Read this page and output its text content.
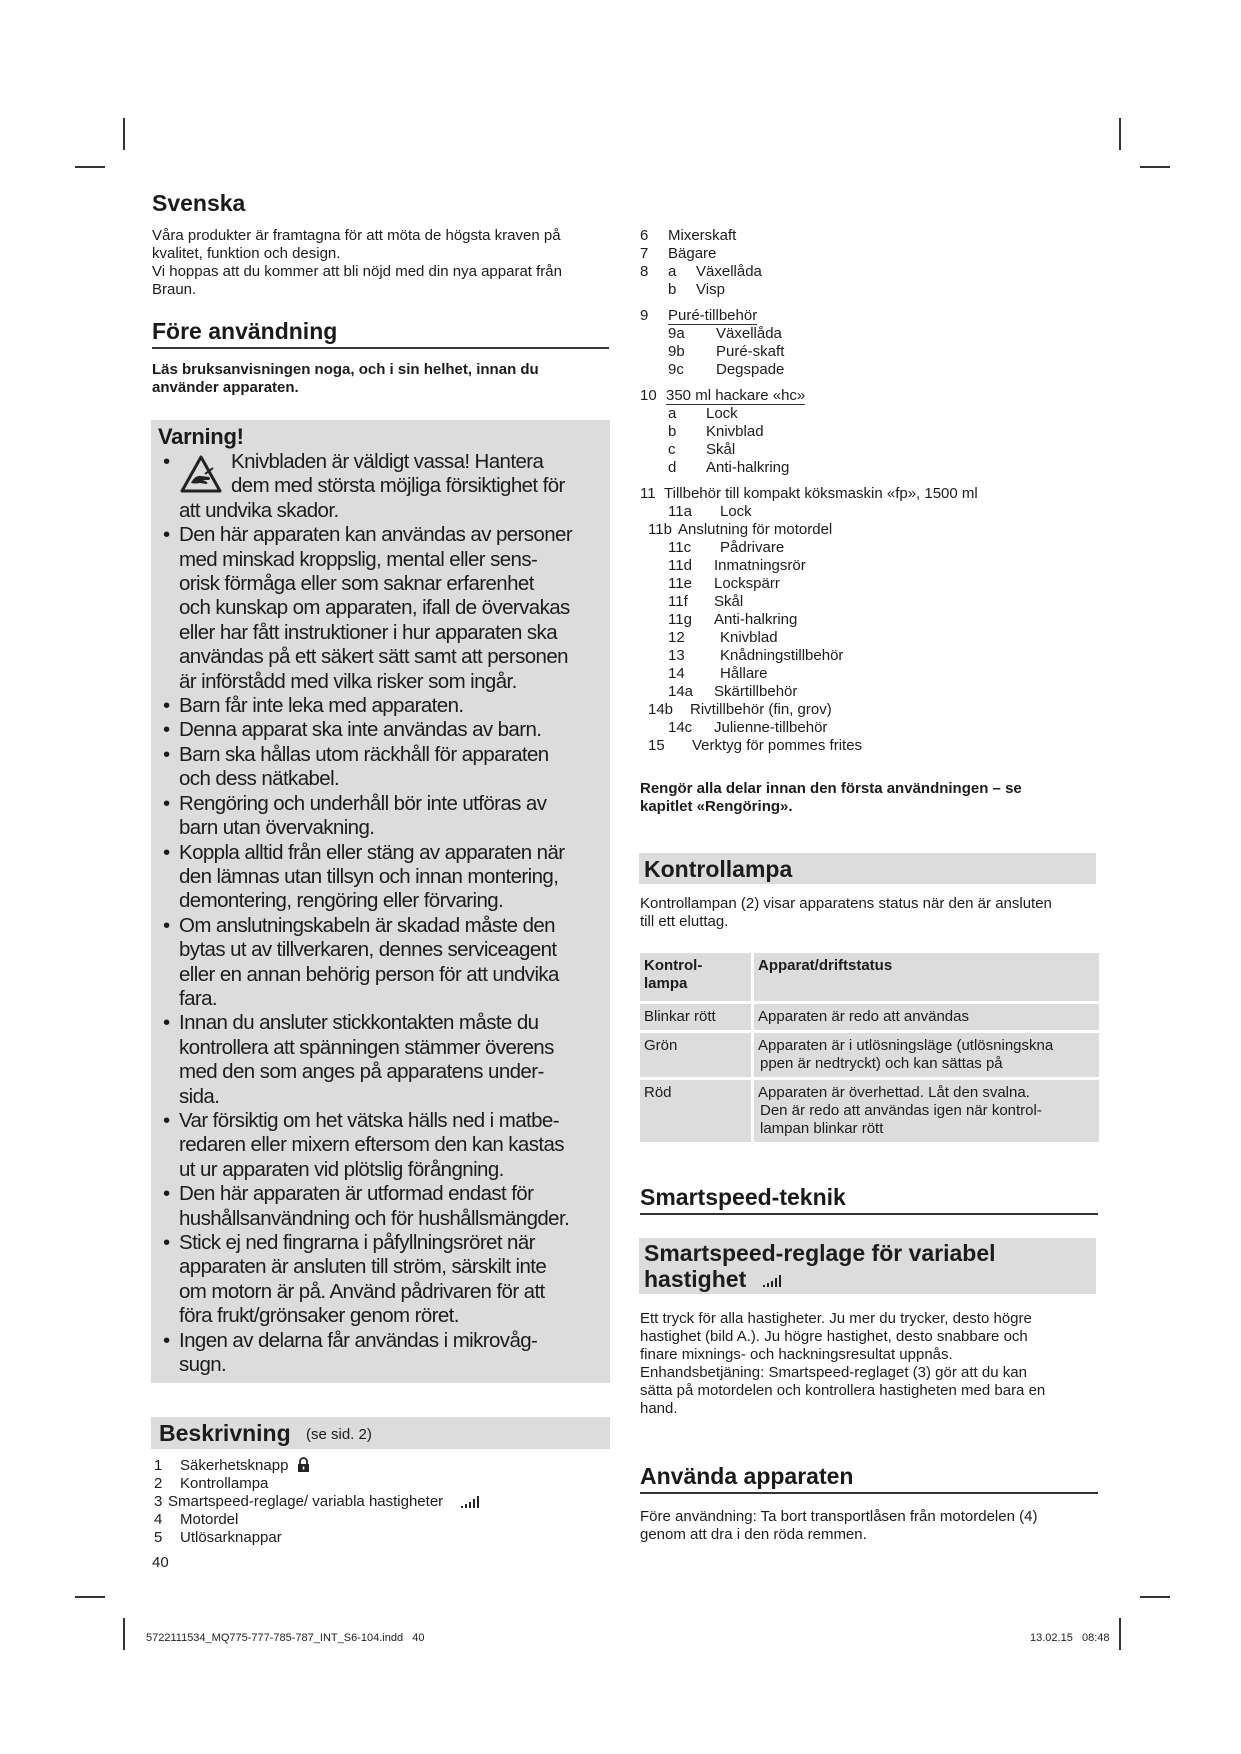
Svenska

Våra produkter är framtagna för att möta de högsta kraven på

kvalitet, funktion och design.

Vi hoppas att du kommer att bli nöjd med din nya apparat från

Braun.

Före användning

Läs bruksanvisningen noga, och i sin helhet, innan du

använder apparaten.

Varning!
•	Knivbladen är väldigt vassa! Hantera
dem med största möjliga försiktighet för
att undvika skador.
• Den här apparaten kan användas av personer
med minskad kroppslig, mental eller sens-
orisk förmåga eller som saknar erfarenhet
och kunskap om apparaten, ifall de övervakas
eller har fått instruktioner i hur apparaten ska
användas på ett säkert sätt samt att personen
är införstådd med vilka risker som ingår.
• Barn får inte leka med apparaten.
• Denna apparat ska inte användas av barn.
• Barn ska hållas utom räckhåll för apparaten
och dess nätkabel.
• Rengöring och underhåll bör inte utföras av
barn utan övervakning.
• Koppla alltid från eller stäng av apparaten när
den lämnas utan tillsyn och innan montering,
demontering, rengöring eller förvaring.
• Om anslutningskabeln är skadad måste den
bytas ut av tillverkaren, dennes serviceagent
eller en annan behörig person för att undvika
fara.
• Innan du ansluter stickkontakten måste du
kontrollera att spänningen stämmer överens
med den som anges på apparatens under-
sida.
• Var försiktig om het vätska hälls ned i matbe-
redaren eller mixern eftersom den kan kastas
ut ur apparaten vid plötslig förångning.
• Den här apparaten är utformad endast för
hushållsanvändning och för hushållsmängder.
• Stick ej ned fingrarna i påfyllningsröret när
apparaten är ansluten till ström, särskilt inte
om motorn är på. Använd pådrivaren för att
föra frukt/grönsaker genom röret.
• Ingen av delarna får användas i mikrovåg-
sugn.
Beskrivning (se sid. 2)
1 Säkerhetsknapp
2 Kontrollampa
3 Smartspeed-reglage/ variabla hastigheter
4 Motordel
5 Utlösarknappar
40
6 Mixerskaft
7 Bägare
8 a Växellåda
b Visp
9 Puré-tillbehör
9a Växellåda
9b Puré-skaft
9c Degspade
10 350 ml hackare «hc»
a Lock
b Knivblad
c Skål
d Anti-halkring
11 Tillbehör till kompakt köksmaskin «fp», 1500 ml
11a Lock
11b Anslutning för motordel
11c Pådrivare
11d Inmatningsrör
11e Lockspärr
11f Skål
11g Anti-halkring
12 Knivblad
13 Knådningstillbehör
14 Hållare
14a Skärtillbehör
14b Rivtillbehör (fin, grov)
14c Julienne-tillbehör
15 Verktyg för pommes frites

Rengör alla delar innan den första användningen – se

kapitlet «Rengöring».

Kontrollampa

Kontrollampan (2) visar apparatens status när den är ansluten

till ett eluttag.

Kontrol-
lampa	Apparat/driftstatus

Blinkar rött	Apparaten är redo att användas

Grön	Apparaten är i utlösningsläge (utlösningskna
ppen är nedtryckt) och kan sättas på

Röd	Apparaten är överhettad. Låt den svalna.
Den är redo att användas igen när kontrol-
lampan blinkar rött
Smartspeed-teknik
Smartspeed-reglage för variabel
hastighet

Ett tryck för alla hastigheter. Ju mer du trycker, desto högre

hastighet (bild A.). Ju högre hastighet, desto snabbare och

finare mixnings- och hackningsresultat uppnås.

Enhandsbetjäning: Smartspeed-reglaget (3) gör att du kan

sätta på motordelen och kontrollera hastigheten med bara en

hand.

Använda apparaten

Före användning: Ta bort transportlåsen från motordelen (4)

genom att dra i den röda remmen.

5722111534_MQ775-777-785-787_INT_S6-104.indd   40	13.02.15   08:48
